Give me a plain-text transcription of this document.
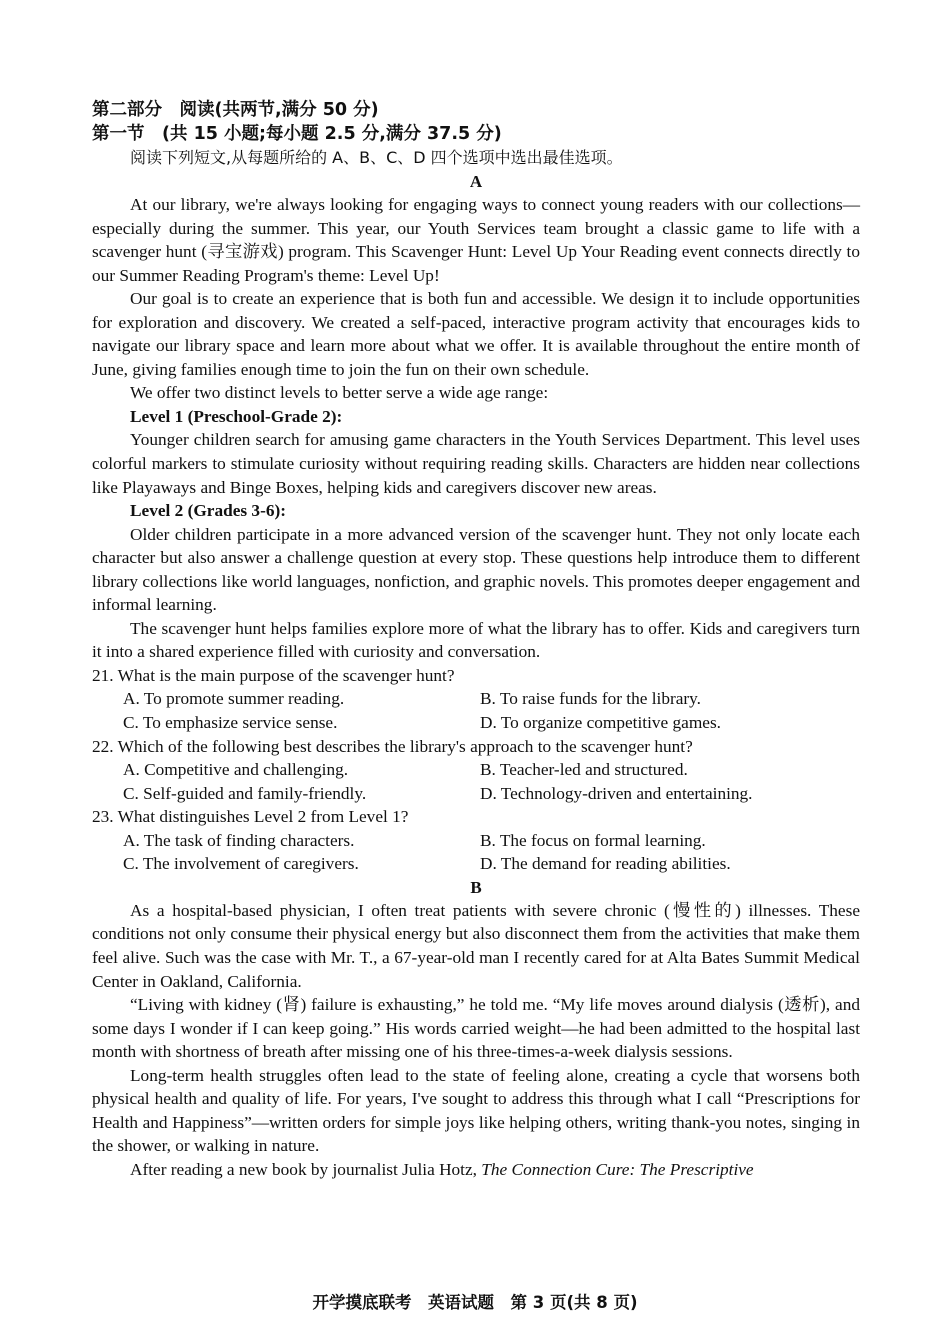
第二部分　阅读(共两节,满分 50 分)
第一节　(共 15 小题;每小题 2.5 分,满分 37.5 分)
阅读下列短文,从每题所给的 A、B、C、D 四个选项中选出最佳选项。
A

At our library, we're always looking for engaging ways to connect young readers with our collections—especially during the summer. This year, our Youth Services team brought a classic game to life with a scavenger hunt (寻宝游戏) program. This Scavenger Hunt: Level Up Your Reading event connects directly to our Summer Reading Program's theme: Level Up!

Our goal is to create an experience that is both fun and accessible. We design it to include opportunities for exploration and discovery. We created a self-paced, interactive program activity that encourages kids to navigate our library space and learn more about what we offer. It is available throughout the entire month of June, giving families enough time to join the fun on their own schedule.

We offer two distinct levels to better serve a wide age range:

Level 1 (Preschool-Grade 2):

Younger children search for amusing game characters in the Youth Services Department. This level uses colorful markers to stimulate curiosity without requiring reading skills. Characters are hidden near collections like Playaways and Binge Boxes, helping kids and caregivers discover new areas.

Level 2 (Grades 3-6):

Older children participate in a more advanced version of the scavenger hunt. They not only locate each character but also answer a challenge question at every stop. These questions help introduce them to different library collections like world languages, nonfiction, and graphic novels. This promotes deeper engagement and informal learning.

The scavenger hunt helps families explore more of what the library has to offer. Kids and caregivers turn it into a shared experience filled with curiosity and conversation.

21. What is the main purpose of the scavenger hunt?
A. To promote summer reading.	B. To raise funds for the library.
C. To emphasize service sense.	D. To organize competitive games.
22. Which of the following best describes the library's approach to the scavenger hunt?
A. Competitive and challenging.	B. Teacher-led and structured.
C. Self-guided and family-friendly.	D. Technology-driven and entertaining.
23. What distinguishes Level 2 from Level 1?
A. The task of finding characters.	B. The focus on formal learning.
C. The involvement of caregivers.	D. The demand for reading abilities.
B

As a hospital-based physician, I often treat patients with severe chronic (慢性的) illnesses. These conditions not only consume their physical energy but also disconnect them from the activities that make them feel alive. Such was the case with Mr. T., a 67-year-old man I recently cared for at Alta Bates Summit Medical Center in Oakland, California.

“Living with kidney (肾) failure is exhausting,” he told me. “My life moves around dialysis (透析), and some days I wonder if I can keep going.” His words carried weight—he had been admitted to the hospital last month with shortness of breath after missing one of his three-times-a-week dialysis sessions.

Long-term health struggles often lead to the state of feeling alone, creating a cycle that worsens both physical health and quality of life. For years, I've sought to address this through what I call “Prescriptions for Health and Happiness”—written orders for simple joys like helping others, writing thank-you notes, singing in the shower, or walking in nature.

After reading a new book by journalist Julia Hotz, The Connection Cure: The Prescriptive

开学摸底联考　英语试题　第 3 页(共 8 页)
